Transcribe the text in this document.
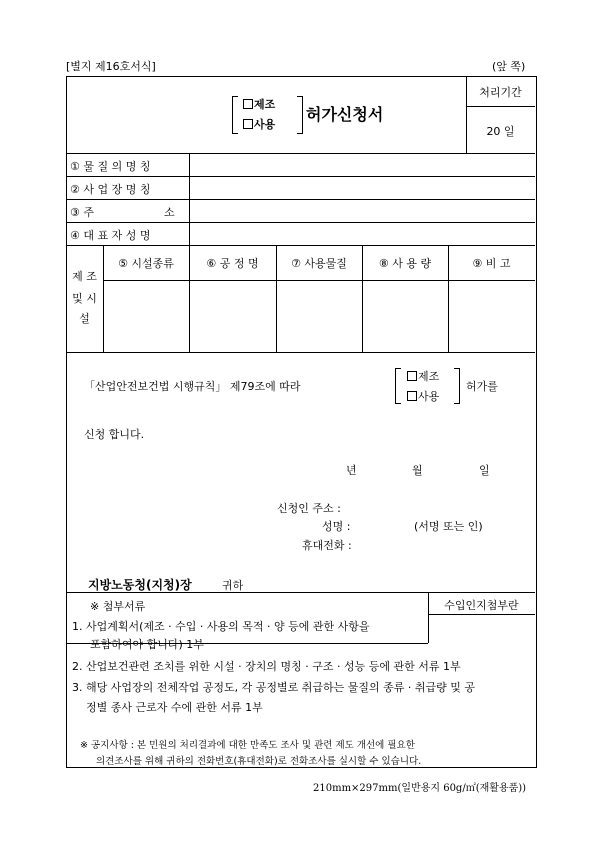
[별지 제16호서식]	(앞 쪽)
제조
사용
허가신청서
처리기간
20 일
① 물 질 의 명 칭
② 사 업 장 명 칭
③ 주	소
④ 대 표 자 성 명
제 조
및 시
설
⑤ 시설종류	⑥ 공 정 명	⑦ 사용물질	⑧ 사 용 량	⑨ 비 고
「산업안전보건법 시행규칙」 제79조에 따라
제조
사용
허가를
신청 합니다.
년	월	일
신청인 주소 :
성명 :	(서명 또는 인)
휴대전화 :
지방노동청(지청)장	귀하
수입인지첨부란
※ 첨부서류
1. 사업계획서(제조 · 수입 · 사용의 목적 · 양 등에 관한 사항을
포함하여야 합니다) 1부
2. 산업보건관련 조치를 위한 시설 · 장치의 명칭 · 구조 · 성능 등에 관한 서류 1부
3. 해당 사업장의 전체작업 공정도, 각 공정별로 취급하는 물질의 종류 · 취급량 및 공
정별 종사 근로자 수에 관한 서류 1부
※ 공지사항 : 본 민원의 처리결과에 대한 만족도 조사 및 관련 제도 개선에 필요한
의견조사를 위해 귀하의 전화번호(휴대전화)로 전화조사를 실시할 수 있습니다.
210mm×297mm(일반용지 60g/㎡(재활용품))
